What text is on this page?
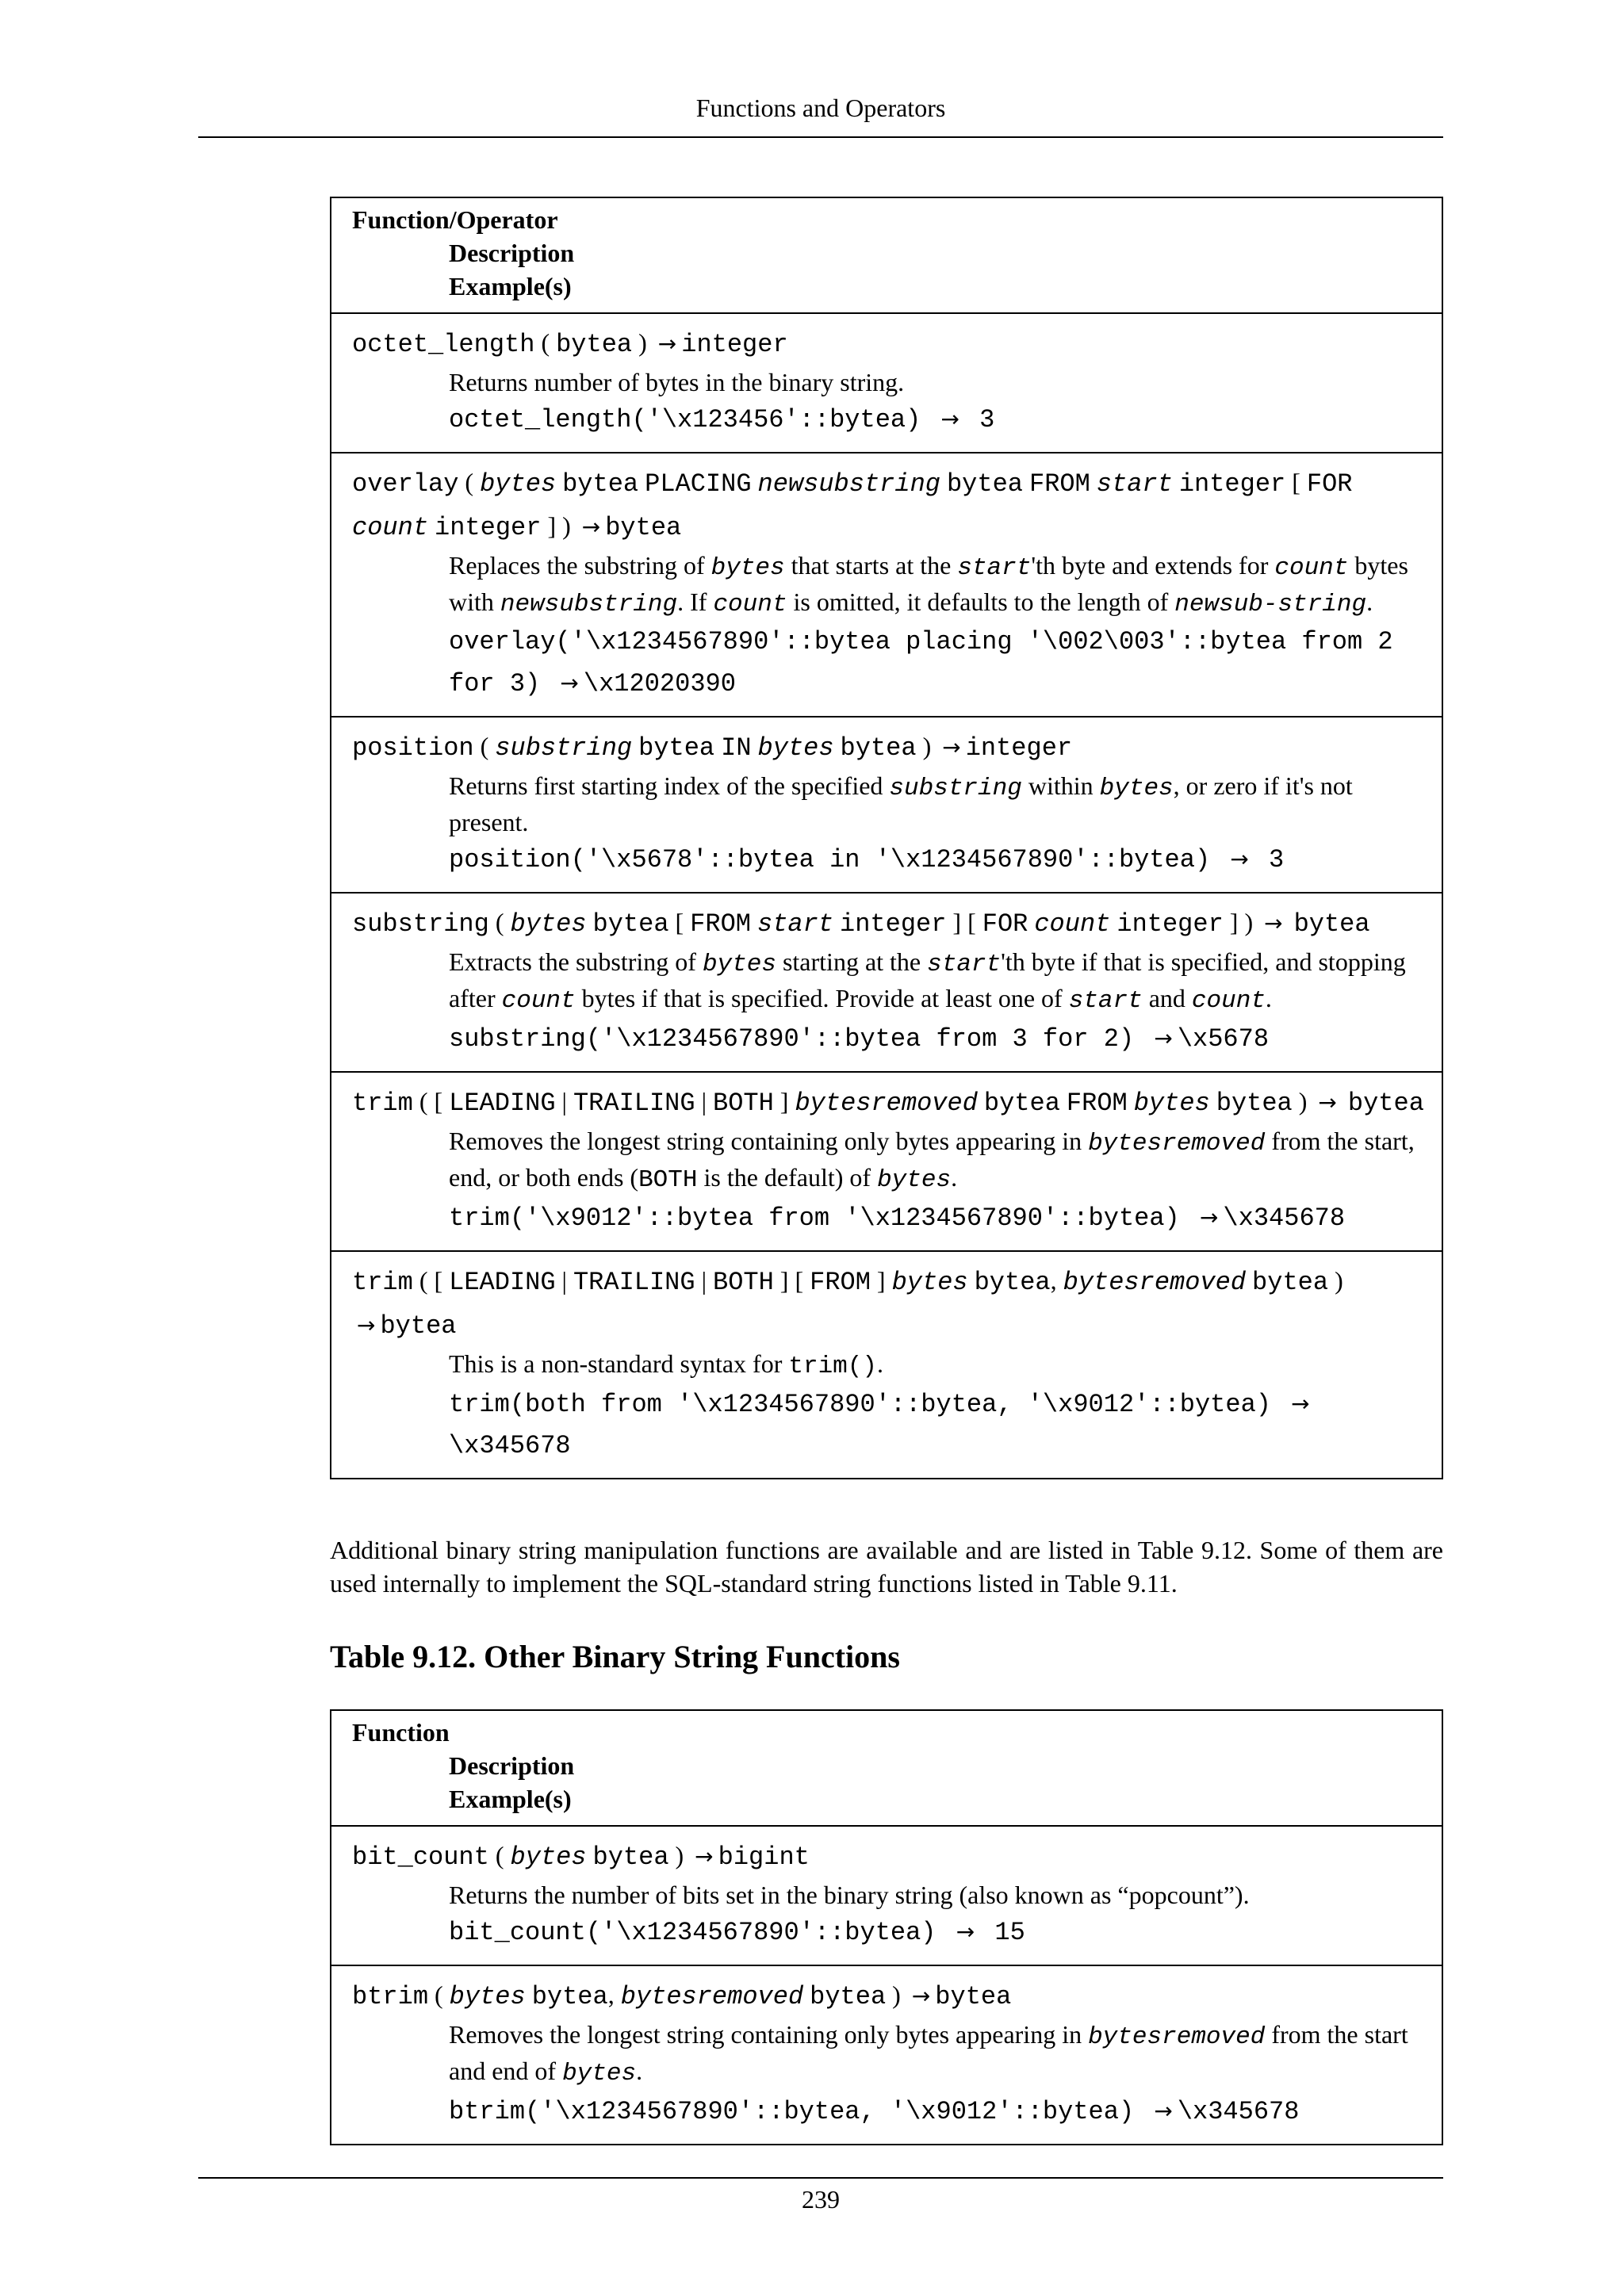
Functions and Operators
Function/Operator
Description
Example(s)
octet_length ( bytea ) → integer
Returns number of bytes in the binary string.
octet_length('\x123456'::bytea) → 3
overlay ( bytes bytea PLACING newsubstring bytea FROM start integer [ FOR count integer ] ) → bytea
Replaces the substring of bytes that starts at the start'th byte and extends for count bytes with newsubstring. If count is omitted, it defaults to the length of newsub-string.
overlay('\x1234567890'::bytea placing '\002\003'::bytea from 2 for 3) → \x12020390
position ( substring bytea IN bytes bytea ) → integer
Returns first starting index of the specified substring within bytes, or zero if it's not present.
position('\x5678'::bytea in '\x1234567890'::bytea) → 3
substring ( bytes bytea [ FROM start integer ] [ FOR count integer ] ) → bytea
Extracts the substring of bytes starting at the start'th byte if that is specified, and stopping after count bytes if that is specified. Provide at least one of start and count.
substring('\x1234567890'::bytea from 3 for 2) → \x5678
trim ( [ LEADING | TRAILING | BOTH ] bytesremoved bytea FROM bytes bytea ) → bytea
Removes the longest string containing only bytes appearing in bytesremoved from the start, end, or both ends (BOTH is the default) of bytes.
trim('\x9012'::bytea from '\x1234567890'::bytea) → \x345678
trim ( [ LEADING | TRAILING | BOTH ] [ FROM ] bytes bytea, bytesremoved bytea ) → bytea
This is a non-standard syntax for trim().
trim(both from '\x1234567890'::bytea, '\x9012'::bytea) → \x345678
Additional binary string manipulation functions are available and are listed in Table 9.12. Some of them are used internally to implement the SQL-standard string functions listed in Table 9.11.
Table 9.12. Other Binary String Functions
Function
Description
Example(s)
bit_count ( bytes bytea ) → bigint
Returns the number of bits set in the binary string (also known as “popcount”).
bit_count('\x1234567890'::bytea) → 15
btrim ( bytes bytea, bytesremoved bytea ) → bytea
Removes the longest string containing only bytes appearing in bytesremoved from the start and end of bytes.
btrim('\x1234567890'::bytea, '\x9012'::bytea) → \x345678
239
